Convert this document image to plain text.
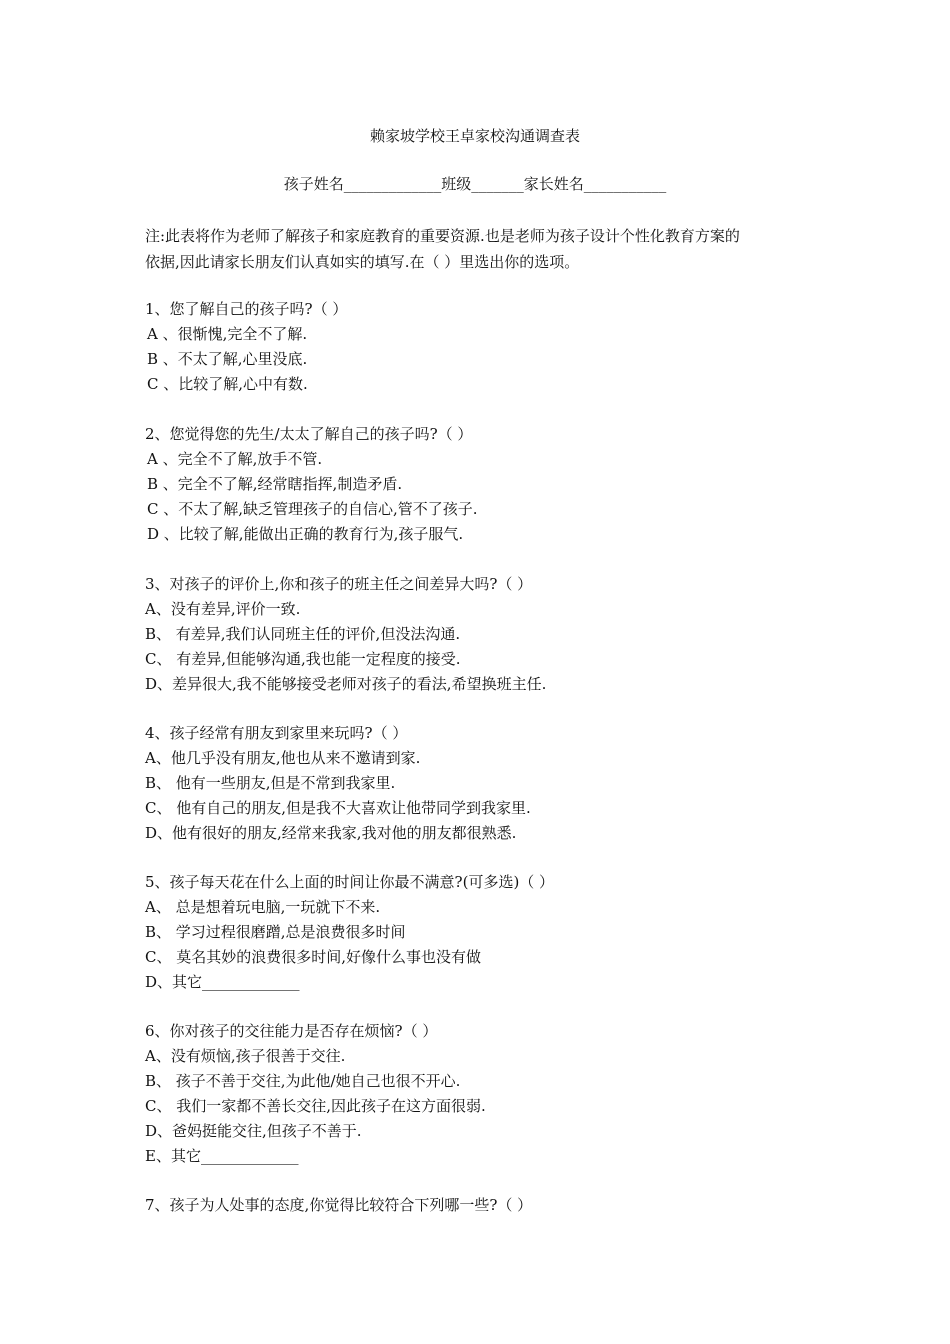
赖家坡学校王卓家校沟通调查表
孩子姓名_____________班级_______家长姓名___________
注:此表将作为老师了解孩子和家庭教育的重要资源.也是老师为孩子设计个性化教育方案的
依据,因此请家长朋友们认真如实的填写.在（ ）里选出你的选项。
1、您了解自己的孩子吗?（ ）
A 、很惭愧,完全不了解.
B 、不太了解,心里没底.
C 、比较了解,心中有数.
2、您觉得您的先生/太太了解自己的孩子吗?（ ）
A 、完全不了解,放手不管.
B 、完全不了解,经常瞎指挥,制造矛盾.
C 、不太了解,缺乏管理孩子的自信心,管不了孩子.
D 、比较了解,能做出正确的教育行为,孩子服气.
3、对孩子的评价上,你和孩子的班主任之间差异大吗?（ ）
A、没有差异,评价一致.
B、 有差异,我们认同班主任的评价,但没法沟通.
C、 有差异,但能够沟通,我也能一定程度的接受.
D、差异很大,我不能够接受老师对孩子的看法,希望换班主任.
4、孩子经常有朋友到家里来玩吗?（ ）
A、他几乎没有朋友,他也从来不邀请到家.
B、 他有一些朋友,但是不常到我家里.
C、 他有自己的朋友,但是我不大喜欢让他带同学到我家里.
D、他有很好的朋友,经常来我家,我对他的朋友都很熟悉.
5、孩子每天花在什么上面的时间让你最不满意?(可多选)（ ）
A、 总是想着玩电脑,一玩就下不来.
B、 学习过程很磨蹭,总是浪费很多时间
C、 莫名其妙的浪费很多时间,好像什么事也没有做
D、其它_____________
6、你对孩子的交往能力是否存在烦恼?（ ）
A、没有烦恼,孩子很善于交往.
B、 孩子不善于交往,为此他/她自己也很不开心.
C、 我们一家都不善长交往,因此孩子在这方面很弱.
D、爸妈挺能交往,但孩子不善于.
E、其它_____________
7、孩子为人处事的态度,你觉得比较符合下列哪一些?（ ）
